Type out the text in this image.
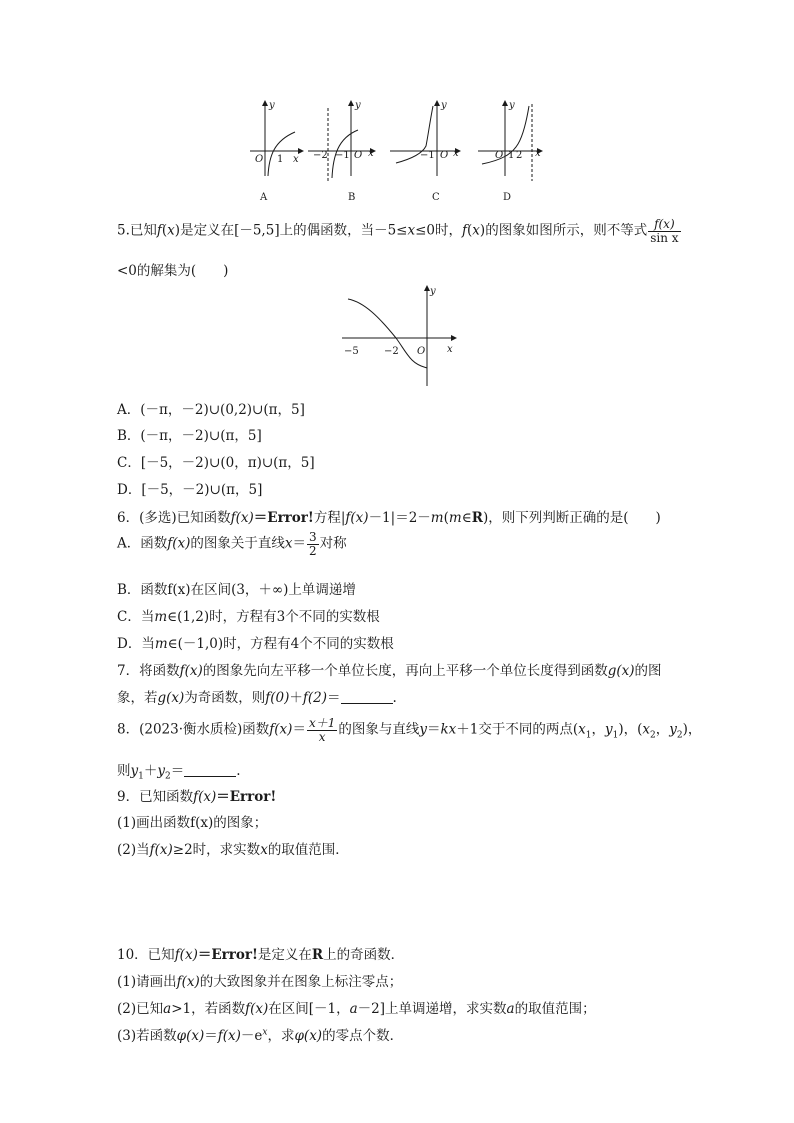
y
x
O 1
A
y
x
O
−2 −1
B
y
x
O
−1
C
y
x
O 1 2
D
5.已知f(x)是定义在[－5,5]上的偶函数，当－5≤x≤0时，f(x)的图象如图所示，则不等式 $\frac{f(x)}{\text{sin x}}$
<0的解集为(　　)
y
x
−5	−2 O
A．(－π，－2)∪(0,2)∪(π，5]
B．(－π，－2)∪(π，5]
C．[－5，－2)∪(0，π)∪(π，5]
D．[－5，－2)∪(π，5]
6．(多选)已知函数f(x)＝Error!方程|f(x)－1|＝2－m(m∈R)，则下列判断正确的是(　　)
A．函数f(x)的图象关于直线$x= \frac{3}{2}$ 对称
B．函数f(x)在区间(3，＋∞)上单调递增
C．当m∈(1,2)时，方程有3个不同的实数根
D．当m∈(－1,0)时，方程有4个不同的实数根
7．将函数f(x)的图象先向左平移一个单位长度，再向上平移一个单位长度得到函数g(x)的图
象，若g(x)为奇函数，则f(0)＋f(2)＝	.
8．(2023·衡水质检)函数$f(x)= \frac{x+1}{x}$ 的图象与直线y＝kx＋1交于不同的两点($x_1$，$y_1$)，($x_2$，$y_2$)，
则$y_1+y_2=$	.
9．已知函数f(x)＝Error!
(1)画出函数f(x)的图象；
(2)当f(x)≥2时，求实数x的取值范围．
10．已知f(x)＝Error!是定义在R上的奇函数．
(1)请画出f(x)的大致图象并在图象上标注零点；
(2)已知a>1，若函数f(x)在区间[－1，a－2]上单调递增，求实数a的取值范围；
(3)若函数$\varphi(x)=f(x)-e^x$，求φ(x)的零点个数．
